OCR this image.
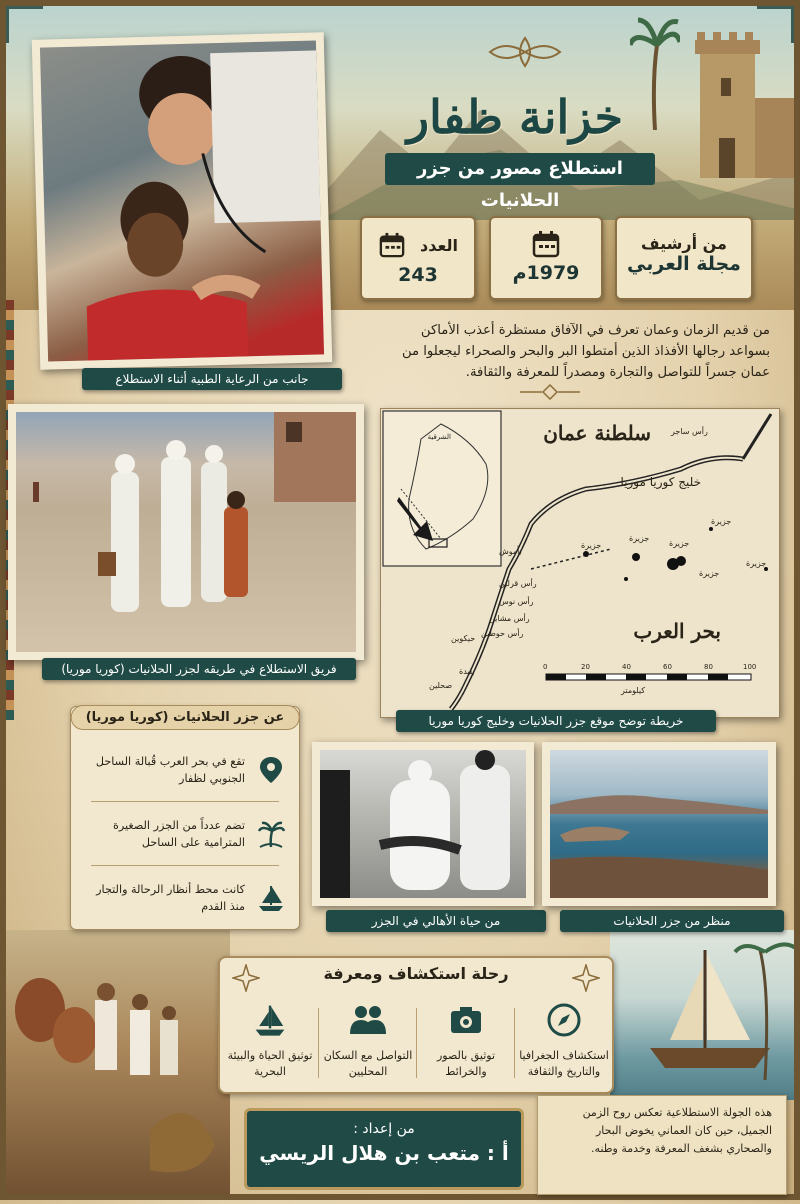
خزانة ظفار
استطلاع مصور من جزر الحلانيات
من أرشيف
مجلة العربي
1979م
العدد
243
من قديم الزمان وعمان تعرف في الآفاق مستظرة أعذب الأماكن بسواعد رجالها الأفذاذ الذين أمتطوا البر والبحر والصحراء ليجعلوا من عمان جسراً للتواصل والتجارة ومصدراً للمعرفة والثقافة.
جانب من الرعاية الطبية أثناء الاستطلاع
فريق الاستطلاع في طريقه لجزر الحلانيات (كوريا موريا)
الشرقية	سلطنة عمان
خليج كوريا موريا
بحر العرب
جزيرة
جزيرة
جزيرة
جزيرة
جزيرة
جزيرة
رأس ساجر
بأموش
رأس قرلين
رأس نوس
رأس مشاين
رأس حوطين
حيكوين
بليدة
صحلين
0	20	40	60	80	100
كيلومتر
خريطة توضح موقع جزر الحلانيات وخليج كوريا موريا
عن جزر الحلانيات (كوريا موريا)
تقع في بحر العرب قُبالة الساحل الجنوبي لظفار
تضم عدداً من الجزر الصغيرة المترامية على الساحل
كانت محط أنظار الرحالة والتجار منذ القدم
من حياة الأهالي في الجزر	منظر من جزر الحلانيات
رحلة استكشاف ومعرفة
استكشاف الجغرافيا والتاريخ والثقافة
توثيق بالصور والخرائط
التواصل مع السكان المحليين
توثيق الحياة والبيئة البحرية
من إعداد :
أ : متعب بن هلال الريسي
هذه الجولة الاستطلاعية تعكس روح الزمن الجميل، حين كان العماني يخوض البحار والصحاري بشغف المعرفة وخدمة وطنه.
